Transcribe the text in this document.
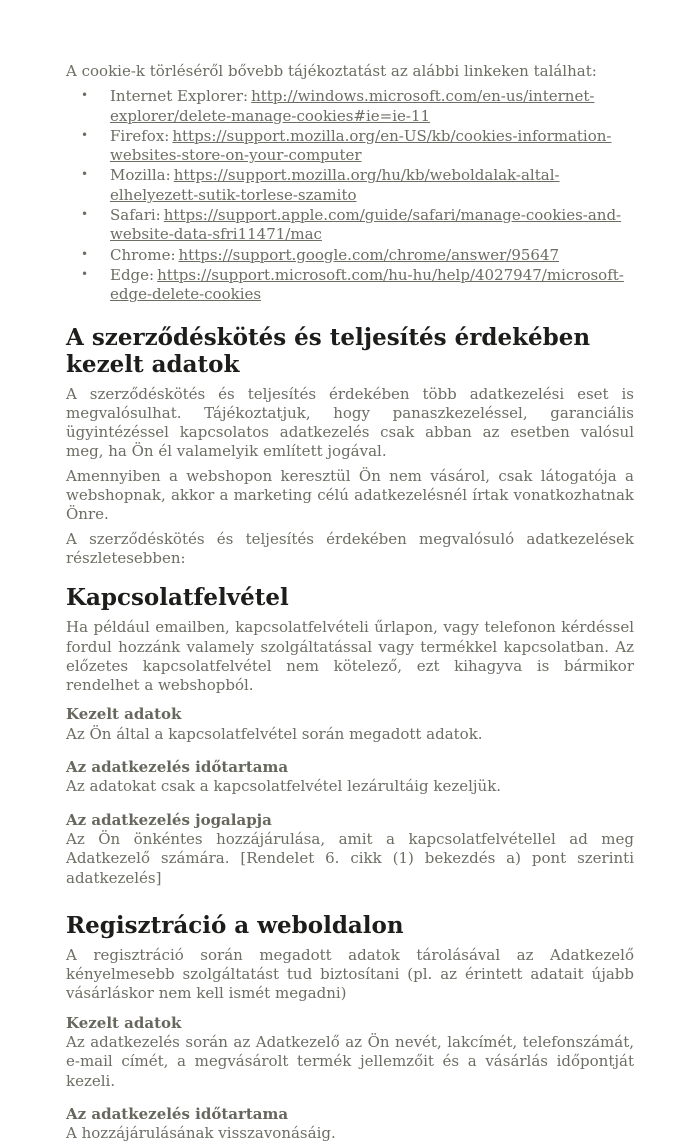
A cookie-k törléséről bővebb tájékoztatást az alábbi linkeken találhat:

• Internet Explorer: http://windows.microsoft.com/en-us/internet-explorer/delete-manage-cookies#ie=ie-11
• Firefox: https://support.mozilla.org/en-US/kb/cookies-information-websites-store-on-your-computer
• Mozilla: https://support.mozilla.org/hu/kb/weboldalak-altal-elhelyezett-sutik-torlese-szamito
• Safari: https://support.apple.com/guide/safari/manage-cookies-and-website-data-sfri11471/mac
• Chrome: https://support.google.com/chrome/answer/95647
• Edge: https://support.microsoft.com/hu-hu/help/4027947/microsoft-edge-delete-cookies
A szerződéskötés és teljesítés érdekében kezelt adatok

A szerződéskötés és teljesítés érdekében több adatkezelési eset is megvalósulhat. Tájékoztatjuk, hogy panaszkezeléssel, garanciális ügyintézéssel kapcsolatos adatkezelés csak abban az esetben valósul meg, ha Ön él valamelyik említett jogával.

Amennyiben a webshopon keresztül Ön nem vásárol, csak látogatója a webshopnak, akkor a marketing célú adatkezelésnél írtak vonatkozhatnak Önre.

A szerződéskötés és teljesítés érdekében megvalósuló adatkezelések részletesebben:

Kapcsolatfelvétel

Ha például emailben, kapcsolatfelvételi űrlapon, vagy telefonon kérdéssel fordul hozzánk valamely szolgáltatással vagy termékkel kapcsolatban. Az előzetes kapcsolatfelvétel nem kötelező, ezt kihagyva is bármikor rendelhet a webshopból.

Kezelt adatok

Az Ön által a kapcsolatfelvétel során megadott adatok.

Az adatkezelés időtartama

Az adatokat csak a kapcsolatfelvétel lezárultáig kezeljük.

Az adatkezelés jogalapja

Az Ön önkéntes hozzájárulása, amit a kapcsolatfelvétellel ad meg Adatkezelő számára. [Rendelet 6. cikk (1) bekezdés a) pont szerinti adatkezelés]

Regisztráció a weboldalon

A regisztráció során megadott adatok tárolásával az Adatkezelő kényelmesebb szolgáltatást tud biztosítani (pl. az érintett adatait újabb vásárláskor nem kell ismét megadni)

Kezelt adatok

Az adatkezelés során az Adatkezelő az Ön nevét, lakcímét, telefonszámát, e-mail címét, a megvásárolt termék jellemzőit és a vásárlás időpontját kezeli.

Az adatkezelés időtartama

A hozzájárulásának visszavonásáig.
